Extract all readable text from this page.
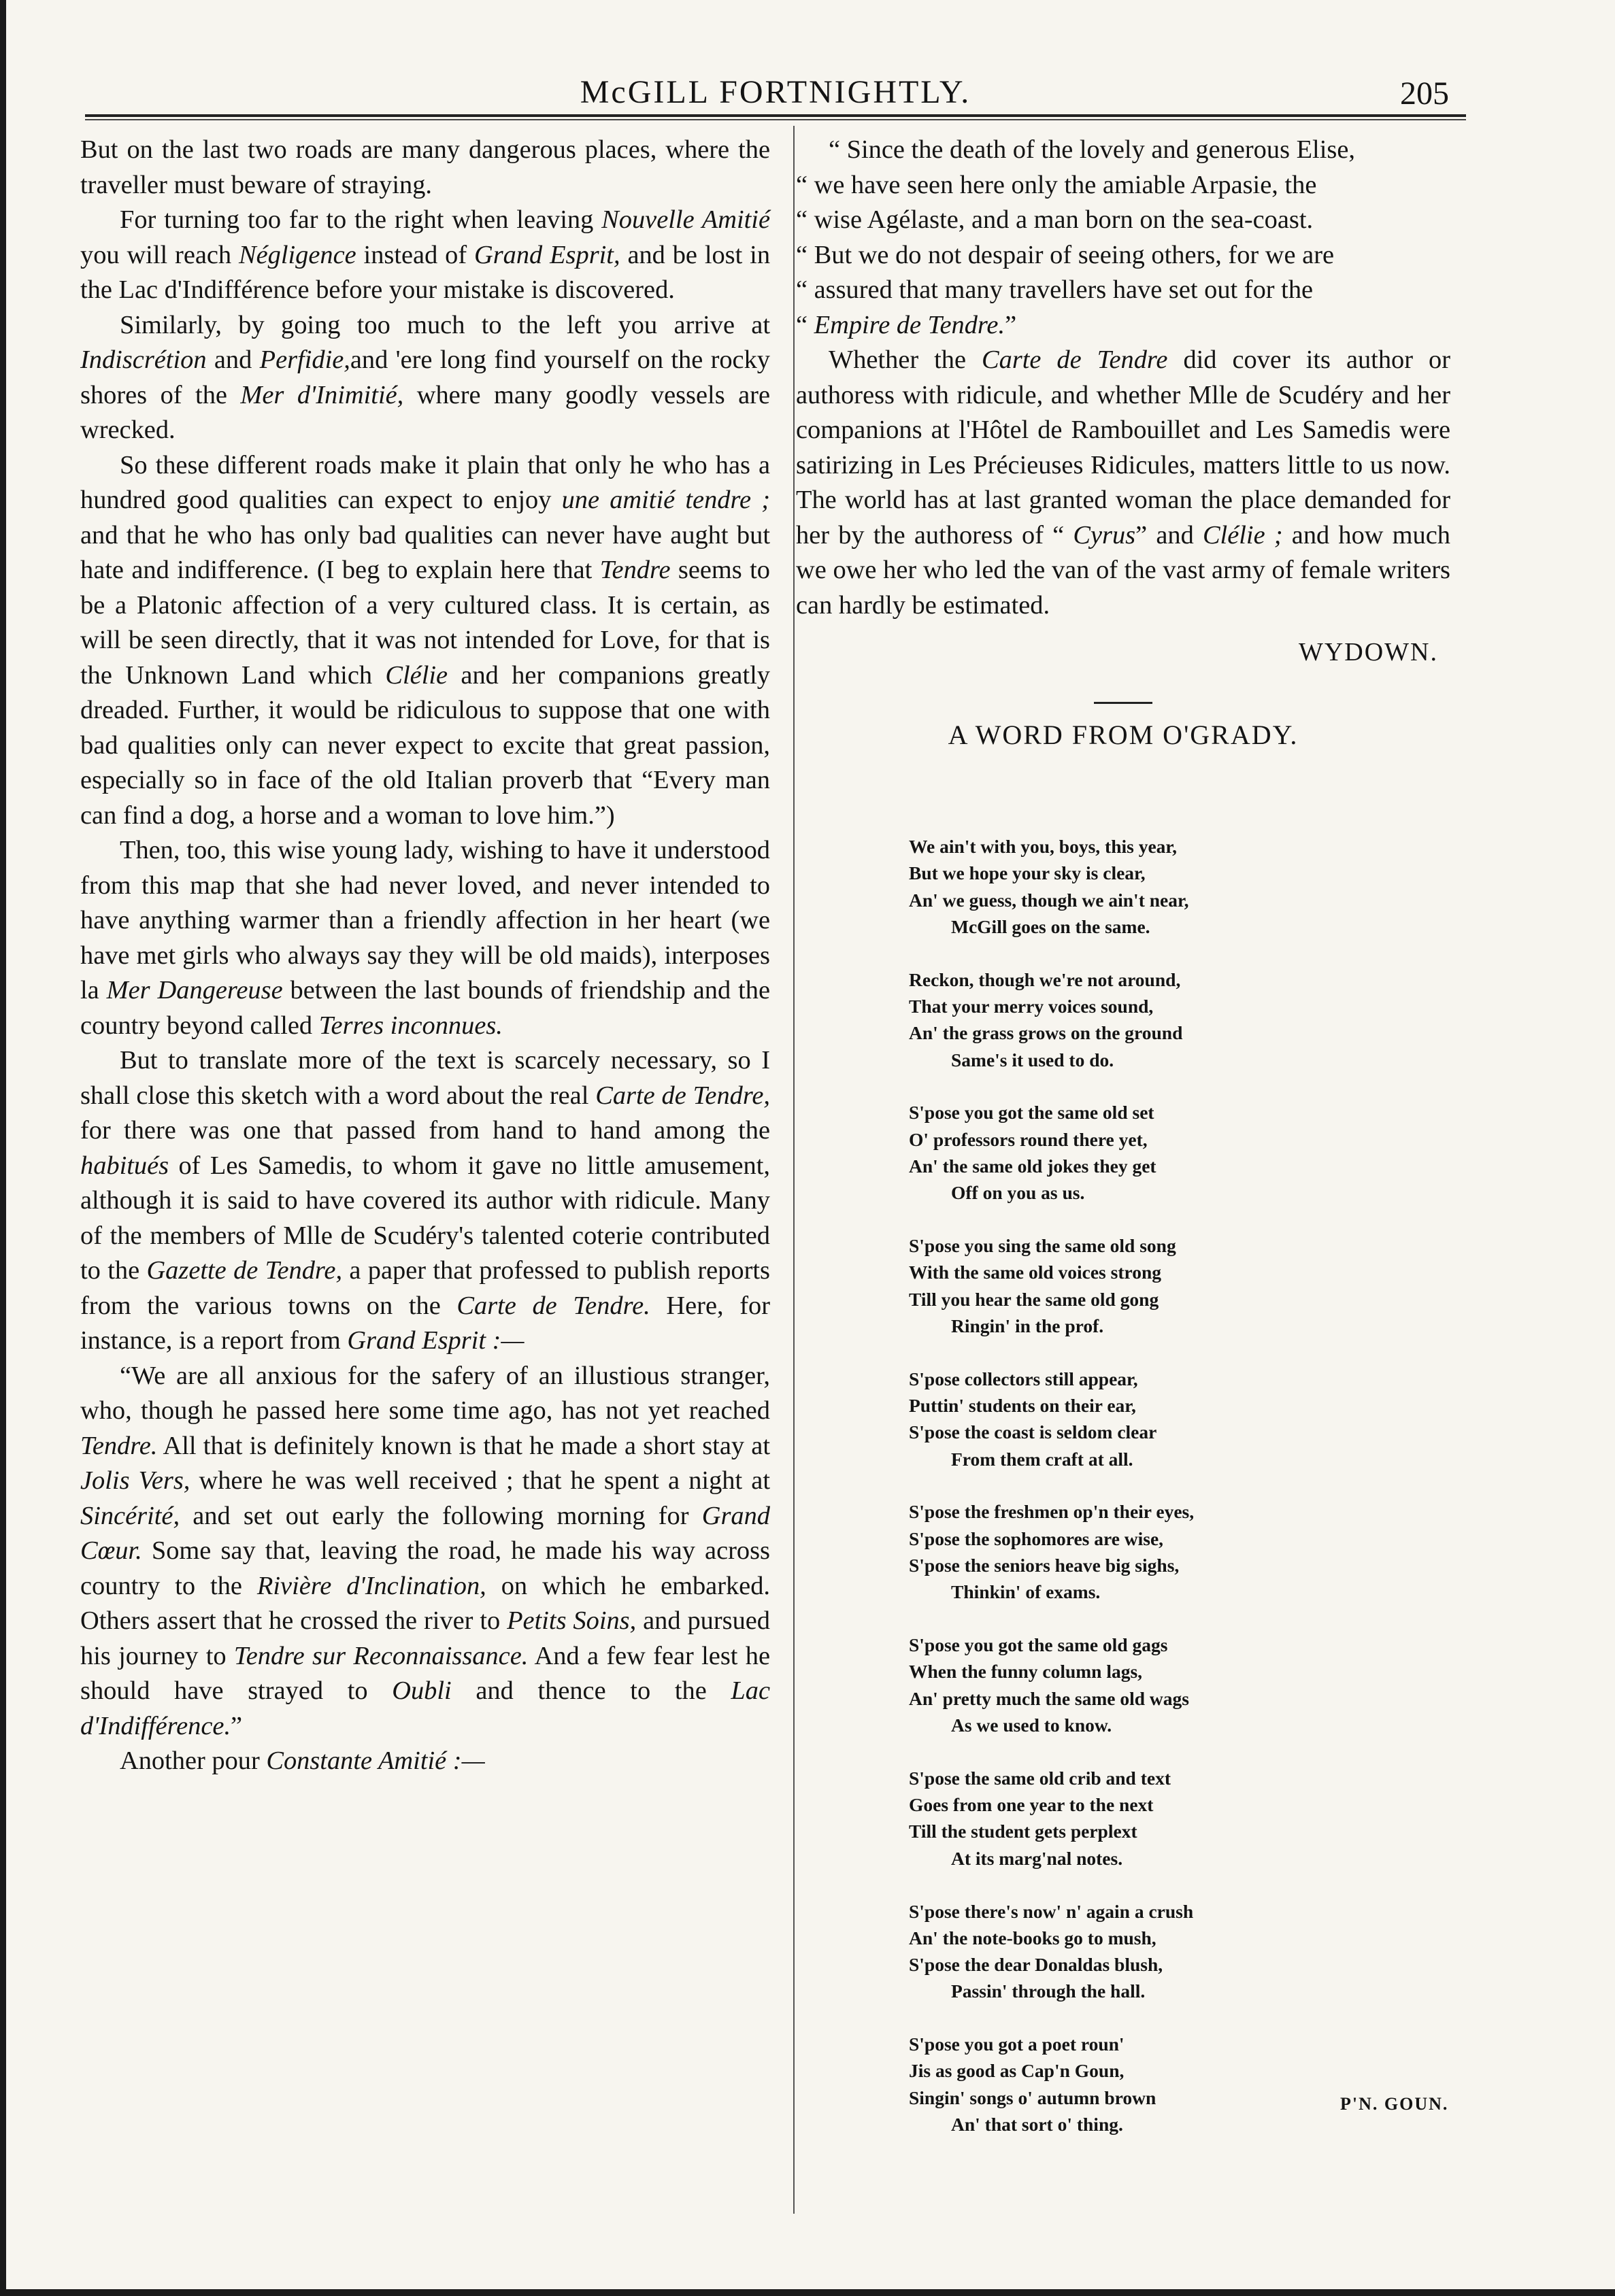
McGILL FORTNIGHTLY.	205

But on the last two roads are many dangerous places, where the traveller must beware of straying.

For turning too far to the right when leaving Nouvelle Amitié you will reach Négligence instead of Grand Esprit, and be lost in the Lac d'Indifférence before your mistake is discovered.

Similarly, by going too much to the left you arrive at Indiscrétion and Perfidie,and 'ere long find yourself on the rocky shores of the Mer d'Inimitié, where many goodly vessels are wrecked.

So these different roads make it plain that only he who has a hundred good qualities can expect to enjoy une amitié tendre ; and that he who has only bad qualities can never have aught but hate and indifference. (I beg to explain here that Tendre seems to be a Platonic affection of a very cultured class. It is certain, as will be seen directly, that it was not intended for Love, for that is the Unknown Land which Clélie and her companions greatly dreaded. Further, it would be ridiculous to suppose that one with bad qualities only can never expect to excite that great passion, especially so in face of the old Italian proverb that “Every man can find a dog, a horse and a woman to love him.”)

Then, too, this wise young lady, wishing to have it understood from this map that she had never loved, and never intended to have anything warmer than a friendly affection in her heart (we have met girls who always say they will be old maids), interposes la Mer Dangereuse between the last bounds of friendship and the country beyond called Terres inconnues.

But to translate more of the text is scarcely necessary, so I shall close this sketch with a word about the real Carte de Tendre, for there was one that passed from hand to hand among the habitués of Les Samedis, to whom it gave no little amusement, although it is said to have covered its author with ridicule. Many of the members of Mlle de Scudéry's talented coterie contributed to the Gazette de Tendre, a paper that professed to publish reports from the various towns on the Carte de Tendre. Here, for instance, is a report from Grand Esprit :—

“We are all anxious for the safery of an illustious stranger, who, though he passed here some time ago, has not yet reached Tendre. All that is definitely known is that he made a short stay at Jolis Vers, where he was well received ; that he spent a night at Sincérité, and set out early the following morning for Grand Cœur. Some say that, leaving the road, he made his way across country to the Rivière d'Inclination, on which he embarked. Others assert that he crossed the river to Petits Soins, and pursued his journey to Tendre sur Reconnaissance. And a few fear lest he should have strayed to Oubli and thence to the Lac d'Indifférence.”

Another pour Constante Amitié :—

“ Since the death of the lovely and generous Elise,

“ we have seen here only the amiable Arpasie, the

“ wise Agélaste, and a man born on the sea-coast.

“ But we do not despair of seeing others, for we are

“ assured that many travellers have set out for the

“ Empire de Tendre.”

Whether the Carte de Tendre did cover its author or authoress with ridicule, and whether Mlle de Scudéry and her companions at l'Hôtel de Rambouillet and Les Samedis were satirizing in Les Précieuses Ridicules, matters little to us now. The world has at last granted woman the place demanded for her by the authoress of “ Cyrus” and Clélie ; and how much we owe her who led the van of the vast army of female writers can hardly be estimated.

WYDOWN.
A WORD FROM O'GRADY.
We ain't with you, boys, this year,
But we hope your sky is clear,
An' we guess, though we ain't near,
McGill goes on the same.
Reckon, though we're not around,
That your merry voices sound,
An' the grass grows on the ground
Same's it used to do.
S'pose you got the same old set
O' professors round there yet,
An' the same old jokes they get
Off on you as us.
S'pose you sing the same old song
With the same old voices strong
Till you hear the same old gong
Ringin' in the prof.
S'pose collectors still appear,
Puttin' students on their ear,
S'pose the coast is seldom clear
From them craft at all.
S'pose the freshmen op'n their eyes,
S'pose the sophomores are wise,
S'pose the seniors heave big sighs,
Thinkin' of exams.
S'pose you got the same old gags
When the funny column lags,
An' pretty much the same old wags
As we used to know.
S'pose the same old crib and text
Goes from one year to the next
Till the student gets perplext
At its marg'nal notes.
S'pose there's now' n' again a crush
An' the note-books go to mush,
S'pose the dear Donaldas blush,
Passin' through the hall.
S'pose you got a poet roun'
Jis as good as Cap'n Goun,
Singin' songs o' autumn brown
An' that sort o' thing.
P'N. GOUN.
